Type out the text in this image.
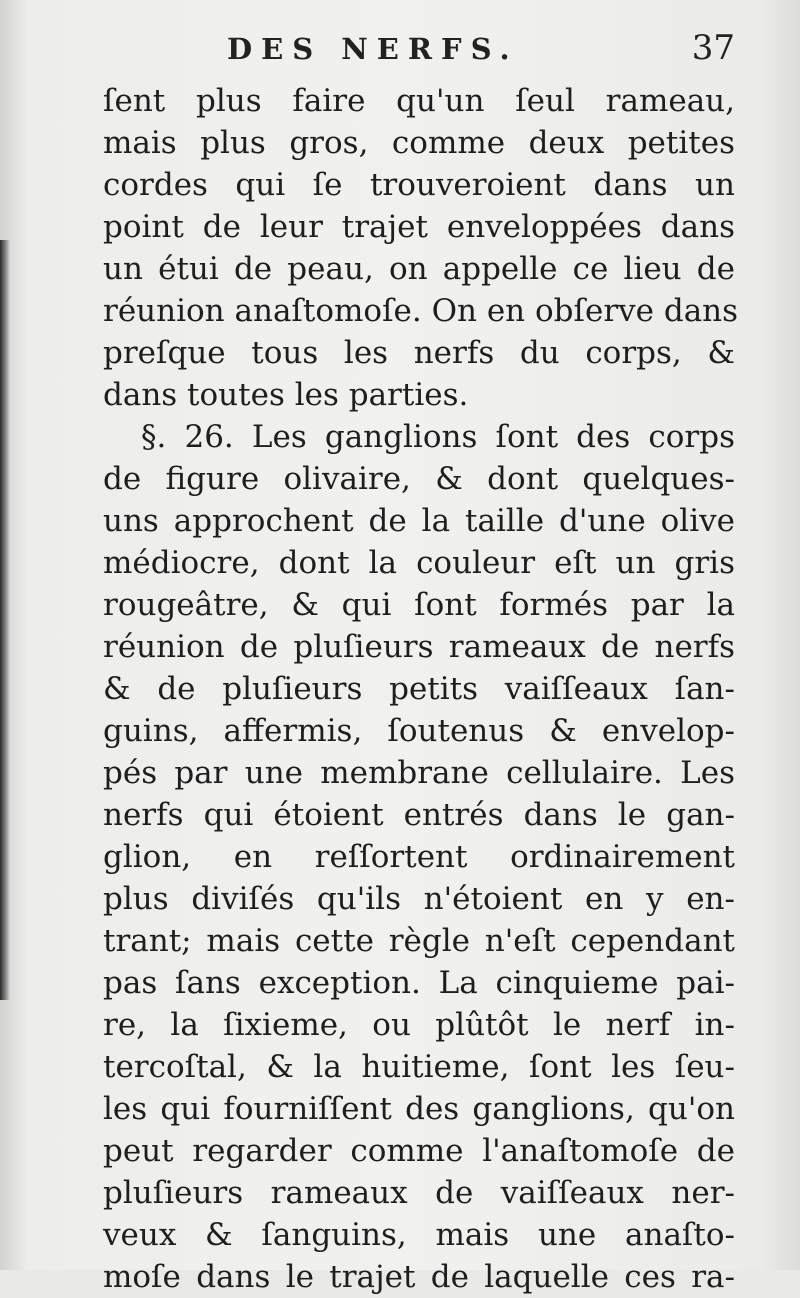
DES NERFS.	37
ſent plus faire qu'un ſeul rameau,
mais plus gros, comme deux petites
cordes qui ſe trouveroient dans un
point de leur trajet enveloppées dans
un étui de peau, on appelle ce lieu de
réunion anaſtomoſe. On en obſerve dans
preſque tous les nerfs du corps, &
dans toutes les parties.
§. 26. Les ganglions ſont des corps
de figure olivaire, & dont quelques-
uns approchent de la taille d'une olive
médiocre, dont la couleur eſt un gris
rougeâtre, & qui ſont formés par la
réunion de pluſieurs rameaux de nerfs
& de pluſieurs petits vaiſſeaux ſan-
guins, affermis, ſoutenus & envelop-
pés par une membrane cellulaire. Les
nerfs qui étoient entrés dans le gan-
glion, en reſſortent ordinairement
plus diviſés qu'ils n'étoient en y en-
trant; mais cette règle n'eſt cependant
pas ſans exception. La cinquieme pai-
re, la ſixieme, ou plûtôt le nerf in-
tercoſtal, & la huitieme, ſont les ſeu-
les qui fourniſſent des ganglions, qu'on
peut regarder comme l'anaſtomoſe de
pluſieurs rameaux de vaiſſeaux ner-
veux & ſanguins, mais une anaſto-
moſe dans le trajet de laquelle ces ra-
